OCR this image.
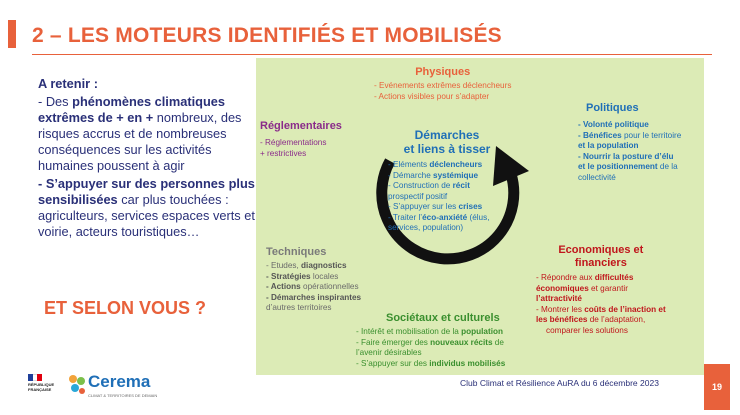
2 – LES MOTEURS IDENTIFIÉS ET MOBILISÉS

A retenir :

- Des phénomènes climatiques extrêmes de + en + nombreux, des risques accrus et de nombreuses conséquences sur les activités humaines poussent à agir

- S’appuyer sur des personnes plus sensibilisées car plus touchées : agriculteurs, services espaces verts et voirie, acteurs touristiques…

ET SELON VOUS ?
Physiques
- Evénements extrêmes déclencheurs
- Actions visibles pour s’adapter
Réglementaires
- Réglementations
+ restrictives
Politiques
- Volonté politique
- Bénéfices pour le territoire
et la population
- Nourrir la posture d’élu
et le positionnement de la
collectivité
Démarches
et liens à tisser
- Eléments déclencheurs
- Démarche systémique
- Construction de récit
prospectif positif
- S’appuyer sur les crises
- Traiter l’éco-anxiété (élus,
services, population)
Techniques
- Etudes, diagnostics
- Stratégies locales
- Actions opérationnelles
- Démarches inspirantes
d’autres territoires
Economiques et
financiers
- Répondre aux difficultés
économiques et garantir
l’attractivité
- Montrer les coûts de l’inaction et
les bénéfices de l’adaptation,
comparer les solutions
Sociétaux et culturels
- Intérêt et mobilisation de la population
- Faire émerger des nouveaux récits de
l’avenir désirables
- S’appuyer sur des individus mobilisés
RÉPUBLIQUE
FRANÇAISE	Cerema
CLIMAT & TERRITOIRES DE DEMAIN
Club Climat et Résilience AuRA du 6 décembre 2023	19
